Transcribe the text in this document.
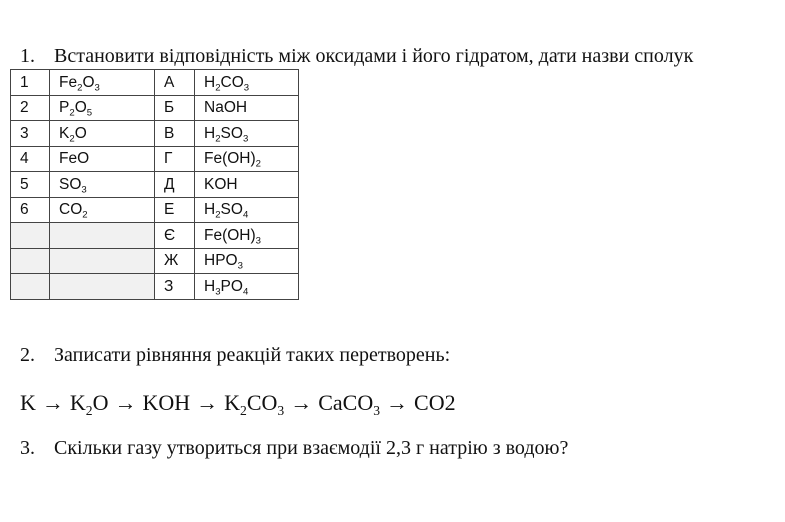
1. Встановити відповідність між оксидами і його гідратом, дати назви сполук
1	$Fe_2O_3$	А	$H_2CO_3$
2	$P_2O_5$	Б	NaOH
3	$K_2O$	В	$H_2SO_3$
4	FeO	Г	$Fe(OH)_2$
5	$SO_3$	Д	KOH
6	$CO_2$	Е	$H_2SO_4$
		Є	$Fe(OH)_3$
		Ж	$HPO_3$
		З	$H_3PO_4$
2. Записати рівняння реакцій таких перетворень:
$K \to K_2O$ → KOH → $K_2CO_3$ → CaCO$_3$ → CO2
3. Скільки газу утвориться при взаємодії 2,3 г натрію з водою?
